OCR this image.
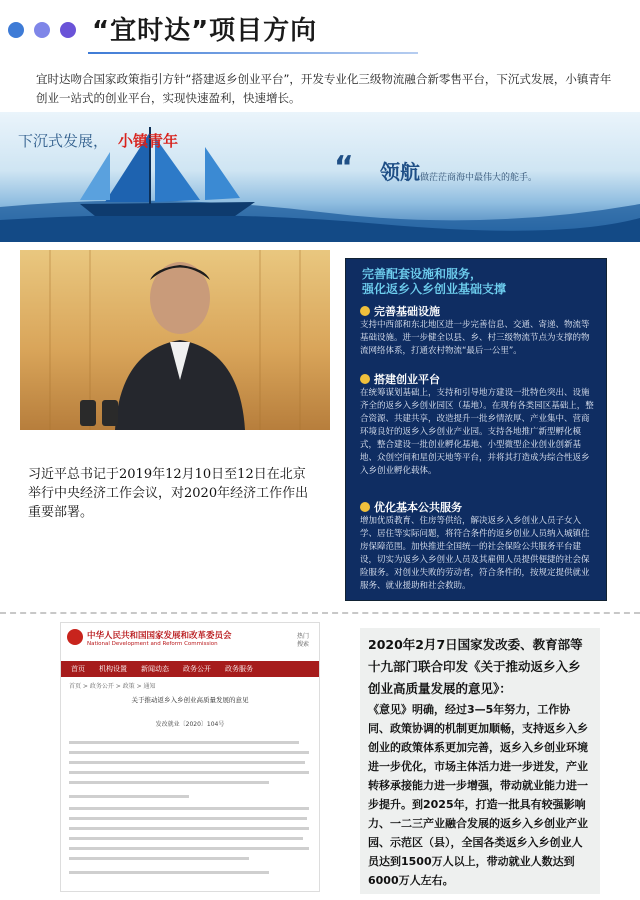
“宜时达”项目方向
宜时达吻合国家政策指引方针“搭建返乡创业平台”，开发专业化三级物流融合新零售平台，下沉式发展，小镇青年创业一站式的创业平台，实现快速盈利，快速增长。
下沉式发展， 小镇青年
“ 领航 做茫茫商海中最伟大的舵手。
习近平总书记于2019年12月10日至12日在北京举行中央经济工作会议，对2020年经济工作作出重要部署。
完善配套设施和服务，
强化返乡入乡创业基础支撑
完善基础设施
支持中西部和东北地区进一步完善信息、交通、寄递、物流等基础设施。进一步健全以县、乡、村三级物流节点为支撑的物流网络体系，打通农村物流“最后一公里”。
搭建创业平台
在统筹谋划基础上，支持和引导地方建设一批特色突出、设施齐全的返乡入乡创业园区（基地）。在现有各类园区基础上，整合资源、共建共享，改造提升一批乡情浓厚、产业集中、营商环境良好的返乡入乡创业产业园。支持各地推广新型孵化模式，整合建设一批创业孵化基地、小型微型企业创业创新基地、众创空间和星创天地等平台，并将其打造成为综合性返乡入乡创业孵化载体。
优化基本公共服务
增加优质教育、住房等供给，解决返乡入乡创业人员子女入学、居住等实际问题，将符合条件的返乡创业人员纳入城镇住房保障范围。加快推进全国统一的社会保险公共服务平台建设，切实为返乡入乡创业人员及其雇佣人员提供便捷的社会保险服务。对创业失败的劳动者，符合条件的，按规定提供就业服务、就业援助和社会救助。
中华人民共和国国家发展和改革委员会
National Development and Reform Commission
热门
搜索
首页 机构设置 新闻动态 政务公开 政务服务
首页 > 政务公开 > 政策 > 通知
关于推动返乡入乡创业高质量发展的意见
发改就业〔2020〕104号
2020年2月7日国家发改委、教育部等十九部门联合印发《关于推动返乡入乡创业高质量发展的意见》：
《意见》明确，经过3—5年努力，工作协同、政策协调的机制更加顺畅，支持返乡入乡创业的政策体系更加完善，返乡入乡创业环境进一步优化，市场主体活力进一步迸发，产业转移承接能力进一步增强，带动就业能力进一步提升。到2025年，打造一批具有较强影响力、一二三产业融合发展的返乡入乡创业产业园、示范区（县），全国各类返乡入乡创业人员达到1500万人以上，带动就业人数达到6000万人左右。
